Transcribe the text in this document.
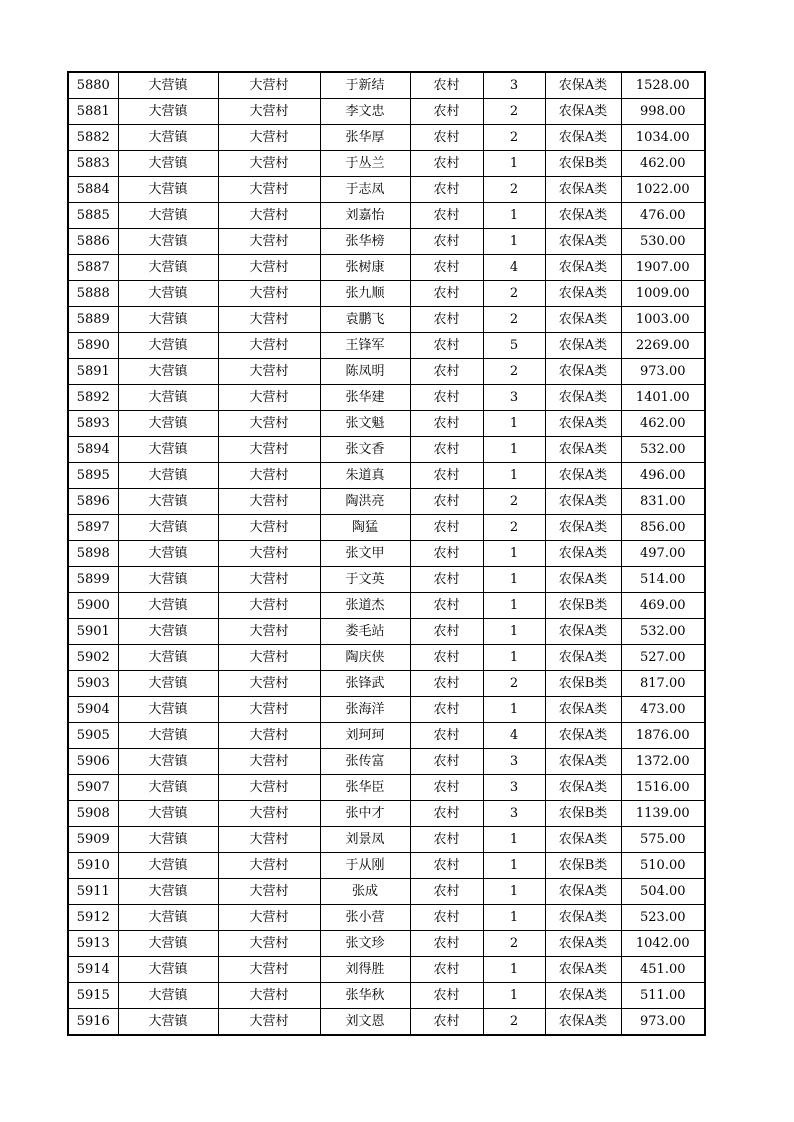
5880	大营镇	大营村	于新结	农村	3	农保A类	1528.00
5881	大营镇	大营村	李文忠	农村	2	农保A类	998.00
5882	大营镇	大营村	张华厚	农村	2	农保A类	1034.00
5883	大营镇	大营村	于丛兰	农村	1	农保B类	462.00
5884	大营镇	大营村	于志凤	农村	2	农保A类	1022.00
5885	大营镇	大营村	刘嘉怡	农村	1	农保A类	476.00
5886	大营镇	大营村	张华榜	农村	1	农保A类	530.00
5887	大营镇	大营村	张树康	农村	4	农保A类	1907.00
5888	大营镇	大营村	张九顺	农村	2	农保A类	1009.00
5889	大营镇	大营村	袁鹏飞	农村	2	农保A类	1003.00
5890	大营镇	大营村	王锋军	农村	5	农保A类	2269.00
5891	大营镇	大营村	陈凤明	农村	2	农保A类	973.00
5892	大营镇	大营村	张华建	农村	3	农保A类	1401.00
5893	大营镇	大营村	张文魁	农村	1	农保A类	462.00
5894	大营镇	大营村	张文香	农村	1	农保A类	532.00
5895	大营镇	大营村	朱道真	农村	1	农保A类	496.00
5896	大营镇	大营村	陶洪亮	农村	2	农保A类	831.00
5897	大营镇	大营村	陶猛	农村	2	农保A类	856.00
5898	大营镇	大营村	张文甲	农村	1	农保A类	497.00
5899	大营镇	大营村	于文英	农村	1	农保A类	514.00
5900	大营镇	大营村	张道杰	农村	1	农保B类	469.00
5901	大营镇	大营村	娄毛站	农村	1	农保A类	532.00
5902	大营镇	大营村	陶庆侠	农村	1	农保A类	527.00
5903	大营镇	大营村	张锋武	农村	2	农保B类	817.00
5904	大营镇	大营村	张海洋	农村	1	农保A类	473.00
5905	大营镇	大营村	刘珂珂	农村	4	农保A类	1876.00
5906	大营镇	大营村	张传富	农村	3	农保A类	1372.00
5907	大营镇	大营村	张华臣	农村	3	农保A类	1516.00
5908	大营镇	大营村	张中才	农村	3	农保B类	1139.00
5909	大营镇	大营村	刘景凤	农村	1	农保A类	575.00
5910	大营镇	大营村	于从刚	农村	1	农保B类	510.00
5911	大营镇	大营村	张成	农村	1	农保A类	504.00
5912	大营镇	大营村	张小营	农村	1	农保A类	523.00
5913	大营镇	大营村	张文珍	农村	2	农保A类	1042.00
5914	大营镇	大营村	刘得胜	农村	1	农保A类	451.00
5915	大营镇	大营村	张华秋	农村	1	农保A类	511.00
5916	大营镇	大营村	刘文恩	农村	2	农保A类	973.00
